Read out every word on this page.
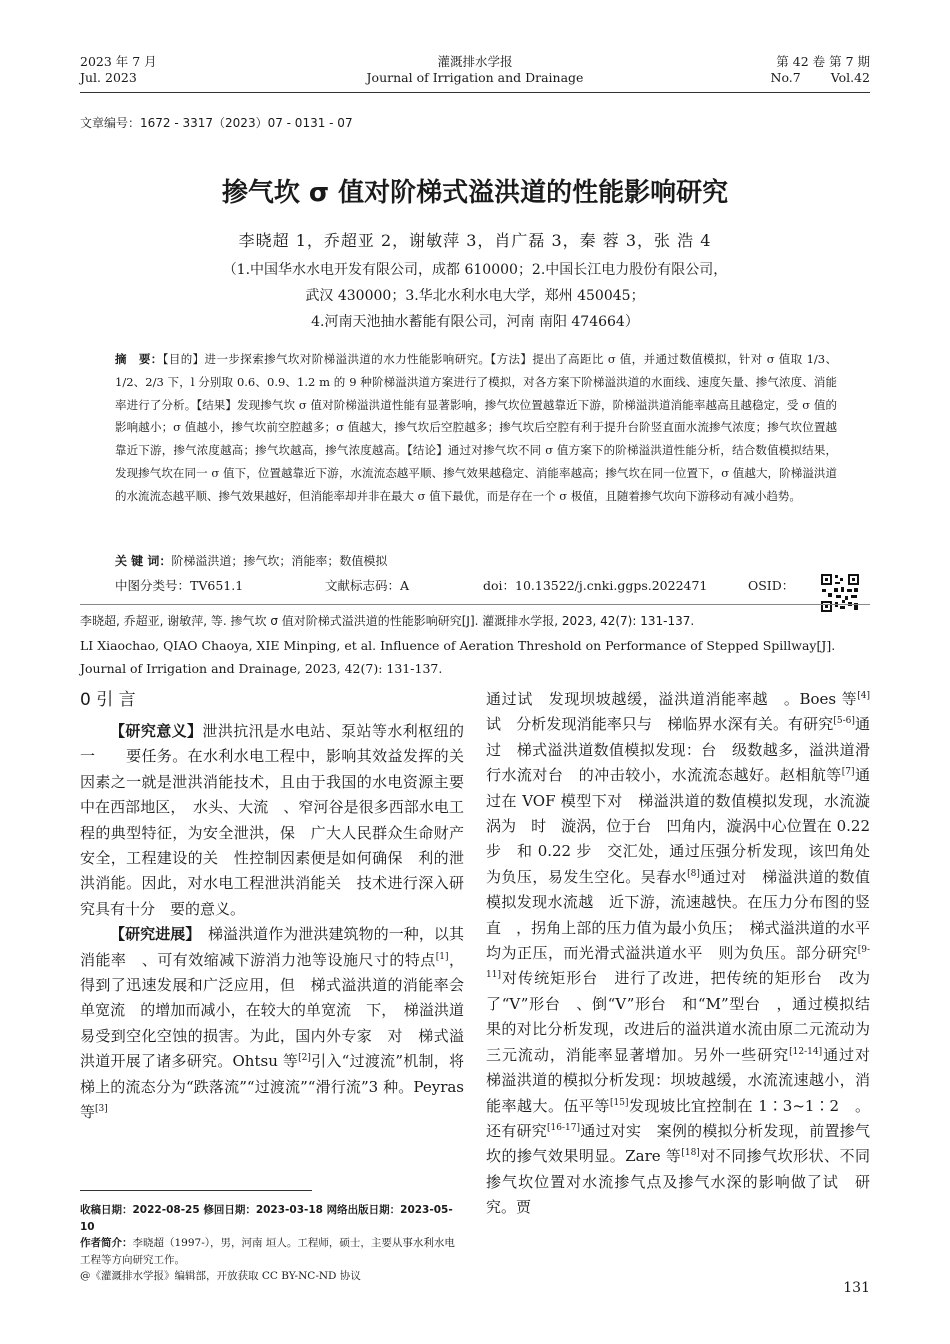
2023 年 7 月
Jul. 2023
灌溉排水学报
Journal of Irrigation and Drainage
第 42 卷 第 7 期
No.7 Vol.42
文章编号：1672 - 3317（2023）07 - 0131 - 07
掺气坎 σ 值对阶梯式溢洪道的性能影响研究
李晓超 1，乔超亚 2，谢敏萍 3，肖广磊 3，秦 蓉 3，张 浩 4
（1.中国华水水电开发有限公司，成都 610000；2.中国长江电力股份有限公司，
武汉 430000；3.华北水利水电大学，郑州 450045；
4.河南天池抽水蓄能有限公司，河南 南阳 474664）
摘　要：【目的】进一步探索掺气坎对阶梯溢洪道的水力性能影响研究。【方法】提出了高距比 σ 值，并通过数值模拟，针对 σ 值取 1/3、1/2、2/3 下，l 分别取 0.6、0.9、1.2 m 的 9 种阶梯溢洪道方案进行了模拟，对各方案下阶梯溢洪道的水面线、速度矢量、掺气浓度、消能率进行了分析。【结果】发现掺气坎 σ 值对阶梯溢洪道性能有显著影响，掺气坎位置越靠近下游，阶梯溢洪道消能率越高且越稳定，受 σ 值的影响越小；σ 值越小，掺气坎前空腔越多；σ 值越大，掺气坎后空腔越多；掺气坎后空腔有利于提升台阶竖直面水流掺气浓度；掺气坎位置越靠近下游，掺气浓度越高；掺气坎越高，掺气浓度越高。【结论】通过对掺气坎不同 σ 值方案下的阶梯溢洪道性能分析，结合数值模拟结果，发现掺气坎在同一 σ 值下，位置越靠近下游，水流流态越平顺、掺气效果越稳定、消能率越高；掺气坎在同一位置下，σ 值越大，阶梯溢洪道的水流流态越平顺、掺气效果越好，但消能率却并非在最大 σ 值下最优，而是存在一个 σ 极值，且随着掺气坎向下游移动有减小趋势。
关 键 词：阶梯溢洪道；掺气坎；消能率；数值模拟
中图分类号：TV651.1	文献标志码：A	doi：10.13522/j.cnki.ggps.2022471	OSID：
李晓超, 乔超亚, 谢敏萍, 等. 掺气坎 σ 值对阶梯式溢洪道的性能影响研究[J]. 灌溉排水学报, 2023, 42(7): 131-137.
LI Xiaochao, QIAO Chaoya, XIE Minping, et al. Influence of Aeration Threshold on Performance of Stepped Spillway[J].
Journal of Irrigation and Drainage, 2023, 42(7): 131-137.
0 引 言

【研究意义】泄洪抗汛是水电站、泵站等水利枢纽的一　　要任务。在水利水电工程中，影响其效益发挥的关　因素之一就是泄洪消能技术，且由于我国的水电资源主要　中在西部地区，　水头、大流　、窄河谷是很多西部水电工程的典型特征，为安全泄洪，保　广大人民群众生命财产安全，工程建设的关　性控制因素便是如何确保　利的泄洪消能。因此，对水电工程泄洪消能关　技术进行深入研究具有十分　要的意义。

【研究进展】　梯溢洪道作为泄洪建筑物的一种，以其消能率　、可有效缩减下游消力池等设施尺寸的特点[1]，得到了迅速发展和广泛应用，但　梯式溢洪道的消能率会　单宽流　的增加而减小，在较大的单宽流　下，　梯溢洪道易受到空化空蚀的损害。为此，国内外专家　对　梯式溢洪道开展了诸多研究。Ohtsu 等[2]引入“过渡流”机制，将　梯上的流态分为“跌落流”“过渡流”“滑行流”3 种。Peyras 等[3]

收稿日期：2022-08-25 修回日期：2023-03-18 网络出版日期：2023-05-10
作者简介：李晓超（1997-），男，河南 垣人。工程师，硕士，主要从事水利水电工程等方向研究工作。
@《灌溉排水学报》编辑部，开放获取 CC BY-NC-ND 协议

通过试　发现坝坡越缓，溢洪道消能率越　。Boes 等[4]试　分析发现消能率只与　梯临界水深有关。有研究[5-6]通过　梯式溢洪道数值模拟发现：台　级数越多，溢洪道滑行水流对台　的冲击较小，水流流态越好。赵相航等[7]通过在 VOF 模型下对　梯溢洪道的数值模拟发现，水流漩涡为　时　漩涡，位于台　凹角内，漩涡中心位置在 0.22 步　和 0.22 步　交汇处，通过压强分析发现，该凹角处为负压，易发生空化。吴春水[8]通过对　梯溢洪道的数值模拟发现水流越　近下游，流速越快。在压力分布图的竖直　，拐角上部的压力值为最小负压；　梯式溢洪道的水平　均为正压，而光滑式溢洪道水平　则为负压。部分研究[9-11]对传统矩形台　进行了改进，把传统的矩形台　改为了“V”形台　、倒“V”形台　和“M”型台　，通过模拟结果的对比分析发现，改进后的溢洪道水流由原二元流动为三元流动，消能率显著增加。另外一些研究[12-14]通过对　梯溢洪道的模拟分析发现：坝坡越缓，水流流速越小，消能率越大。伍平等[15]发现坡比宜控制在 1∶3~1∶2　。还有研究[16-17]通过对实　案例的模拟分析发现，前置掺气坎的掺气效果明显。Zare 等[18]对不同掺气坎形状、不同掺气坎位置对水流掺气点及掺气水深的影响做了试　研究。贾

131
